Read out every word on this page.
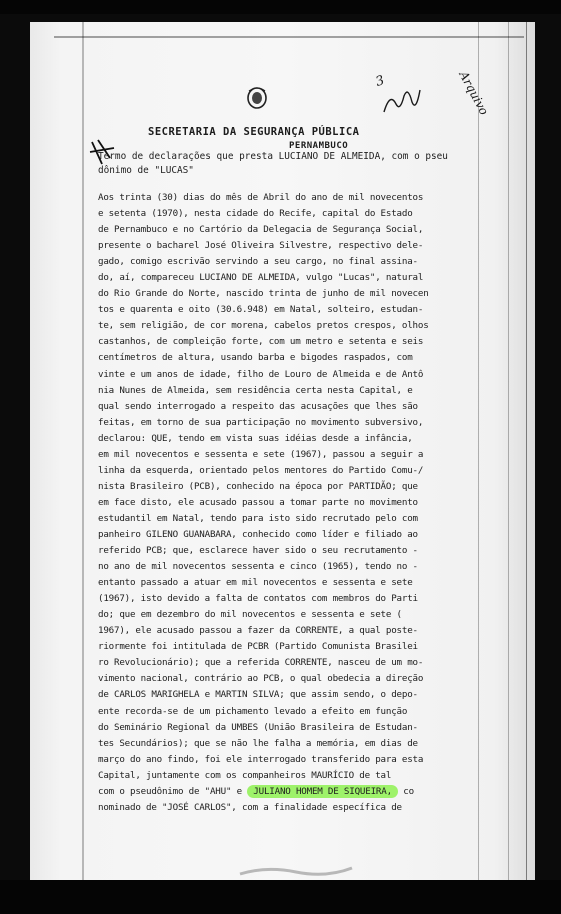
3	Arquivo
SECRETARIA DA SEGURANÇA PÚBLICA
PERNAMBUCO

Termo de declarações que presta LUCIANO DE ALMEIDA, com o pseu

dônimo de "LUCAS"

Aos trinta (30) dias do mês de Abril do ano de mil novecentos

e setenta (1970), nesta cidade do Recife, capital do Estado

de Pernambuco e no Cartório da Delegacia de Segurança Social,

presente o bacharel José Oliveira Silvestre, respectivo dele-

gado, comigo escrivão servindo a seu cargo, no final assina-

do, aí, compareceu LUCIANO DE ALMEIDA, vulgo "Lucas", natural

do Rio Grande do Norte, nascido trinta de junho de mil novecen

tos e quarenta e oito (30.6.948) em Natal, solteiro, estudan-

te, sem religião, de cor morena, cabelos pretos crespos, olhos

castanhos, de compleição forte, com um metro e setenta e seis

centímetros de altura, usando barba e bigodes raspados, com

vinte e um anos de idade, filho de Louro de Almeida e de Antô

nia Nunes de Almeida, sem residência certa nesta Capital, e

qual sendo interrogado a respeito das acusações que lhes são

feitas, em torno de sua participação no movimento subversivo,

declarou: QUE, tendo em vista suas idéias desde a infância,

em mil novecentos e sessenta e sete (1967), passou a seguir a

linha da esquerda, orientado pelos mentores do Partido Comu-/

nista Brasileiro (PCB), conhecido na época por PARTIDÃO; que

em face disto, ele acusado passou a tomar parte no movimento

estudantil em Natal, tendo para isto sido recrutado pelo com

panheiro GILENO GUANABARA, conhecido como líder e filiado ao

referido PCB; que, esclarece haver sido o seu recrutamento -

no ano de mil novecentos sessenta e cinco (1965), tendo no -

entanto passado a atuar em mil novecentos e sessenta e sete

(1967), isto devido a falta de contatos com membros do Parti

do; que em dezembro do mil novecentos e sessenta e sete (

1967), ele acusado passou a fazer da CORRENTE, a qual poste-

riormente foi intitulada de PCBR (Partido Comunista Brasilei

ro Revolucionário); que a referida CORRENTE, nasceu de um mo-

vimento nacional, contrário ao PCB, o qual obedecia a direção

de CARLOS MARIGHELA e MARTIN SILVA; que assim sendo, o depo-

ente recorda-se de um pichamento levado a efeito em função

do Seminário Regional da UMBES (União Brasileira de Estudan-

tes Secundários); que se não lhe falha a memória, em dias de

março do ano findo, foi ele interrogado transferido para esta

Capital, juntamente com os companheiros MAURÍCIO de tal

com o pseudônimo de "AHU" e JULIANO HOMEM DE SIQUEIRA, co

nominado de "JOSÉ CARLOS", com a finalidade específica de
